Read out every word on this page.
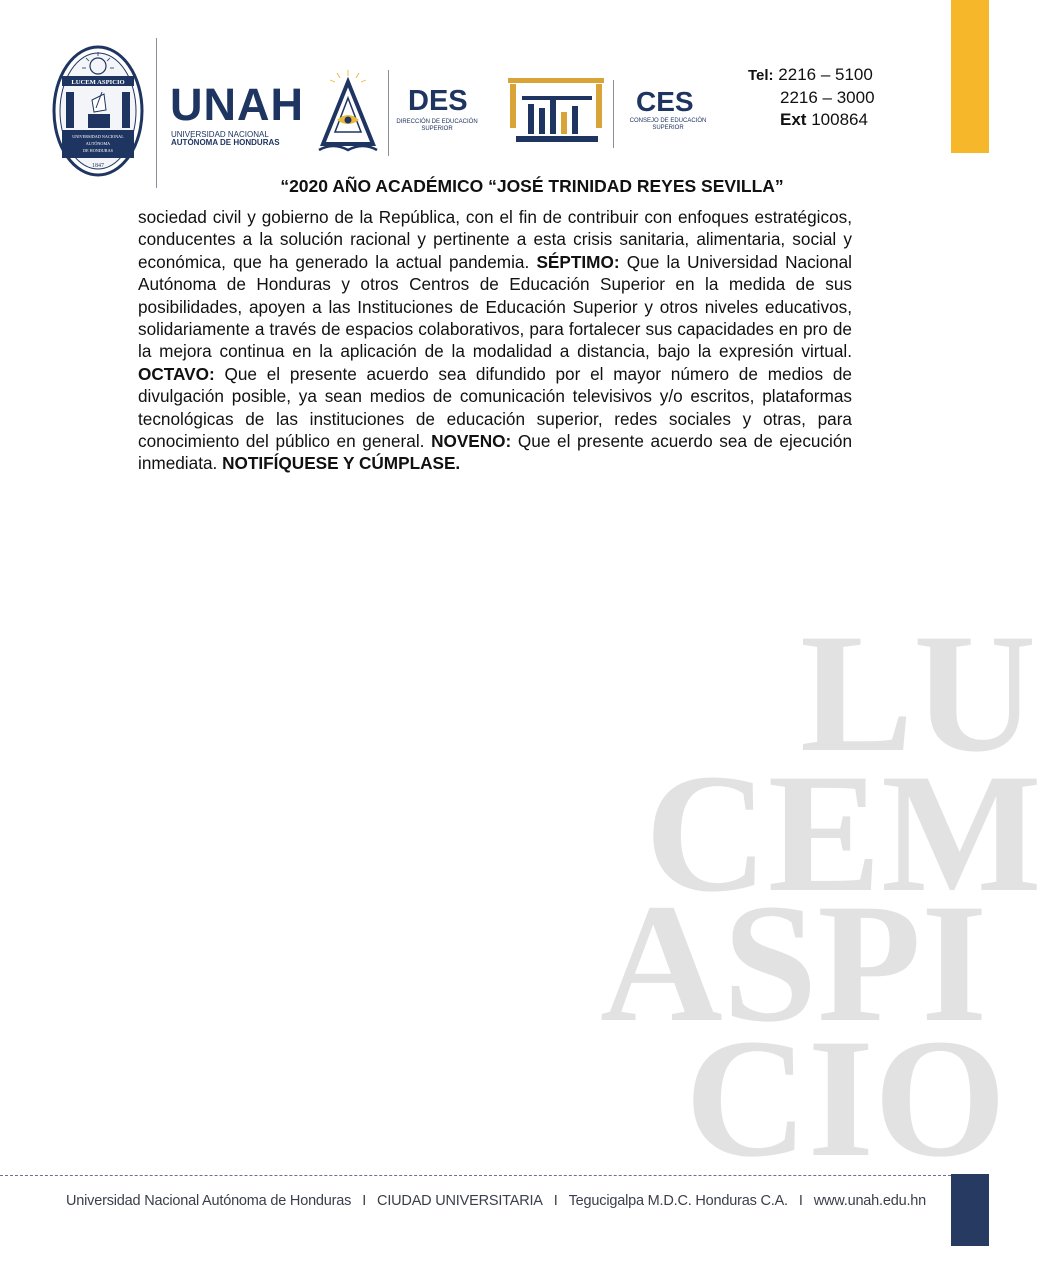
LUCEM ASPICIO
UNIVERSIDAD NACIONAL
AUTÓNOMA
DE HONDURAS
1847
UNAH
UNIVERSIDAD NACIONAL
AUTÓNOMA DE HONDURAS
DES
DIRECCIÓN DE EDUCACIÓN SUPERIOR
CES
CONSEJO DE EDUCACIÓN SUPERIOR
Tel: 2216 – 5100
2216 – 3000
Ext 100864
“2020 AÑO ACADÉMICO “JOSÉ TRINIDAD REYES SEVILLA”
sociedad civil y gobierno de la República, con el fin de contribuir con enfoques estratégicos, conducentes a la solución racional y pertinente a esta crisis sanitaria, alimentaria, social y económica, que ha generado la actual pandemia. SÉPTIMO: Que la Universidad Nacional Autónoma de Honduras y otros Centros de Educación Superior en la medida de sus posibilidades, apoyen a las Instituciones de Educación Superior y otros niveles educativos, solidariamente a través de espacios colaborativos, para fortalecer sus capacidades en pro de la mejora continua en la aplicación de la modalidad a distancia, bajo la expresión virtual. OCTAVO: Que el presente acuerdo sea difundido por el mayor número de medios de divulgación posible, ya sean medios de comunicación televisivos y/o escritos, plataformas tecnológicas de las instituciones de educación superior, redes sociales y otras, para conocimiento del público en general. NOVENO: Que el presente acuerdo sea de ejecución inmediata. NOTIFÍQUESE Y CÚMPLASE.
LU
CEM
ASPI
CIO
Universidad Nacional Autónoma de Honduras I CIUDAD UNIVERSITARIA I Tegucigalpa M.D.C. Honduras C.A. I www.unah.edu.hn
